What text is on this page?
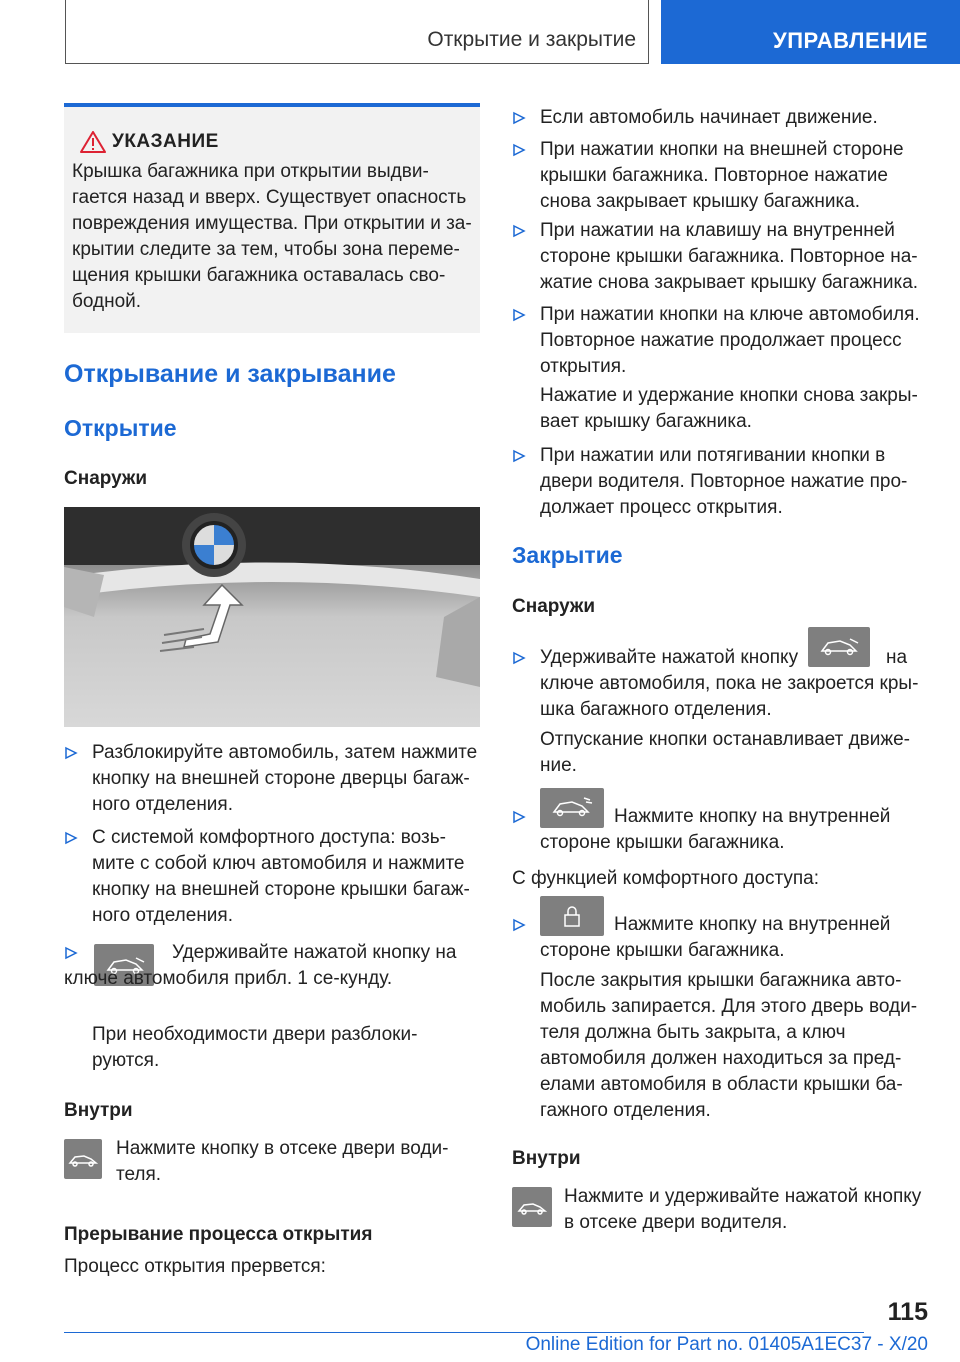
Открытие и закрытие	УПРАВЛЕНИЕ
УКАЗАНИЕ
Крышка багажника при открытии выдви-гается назад и вверх. Существует опасность повреждения имущества. При открытии и за-крытии следите за тем, чтобы зона переме-щения крышки багажника оставалась сво-бодной.
Открывание и закрывание
Открытие
Снаружи
Разблокируйте автомобиль, затем нажмите кнопку на внешней стороне дверцы багаж-ного отделения.
С системой комфортного доступа: возь-мите с собой ключ автомобиля и нажмите кнопку на внешней стороне крышки багаж-ного отделения.
Удерживайте нажатой кнопку на ключе автомобиля прибл. 1 се-кунду.
При необходимости двери разблоки-руются.
Внутри
Нажмите кнопку в отсеке двери води-теля.
Прерывание процесса открытия
Процесс открытия прервется:
Если автомобиль начинает движение.
При нажатии кнопки на внешней стороне крышки багажника. Повторное нажатие снова закрывает крышку багажника.
При нажатии на клавишу на внутренней стороне крышки багажника. Повторное на-жатие снова закрывает крышку багажника.
При нажатии кнопки на ключе автомобиля. Повторное нажатие продолжает процесс открытия.
Нажатие и удержание кнопки снова закры-вает крышку багажника.
При нажатии или потягивании кнопки в двери водителя. Повторное нажатие про-должает процесс открытия.
Закрытие
Снаружи
Удерживайте нажатой кнопку	на ключе автомобиля, пока не закроется кры-шка багажного отделения.
Отпускание кнопки останавливает движе-ние.
Нажмите кнопку на внутренней стороне крышки багажника.
С функцией комфортного доступа:
Нажмите кнопку на внутренней стороне крышки багажника.
После закрытия крышки багажника авто-мобиль запирается. Для этого дверь води-теля должна быть закрыта, а ключ автомобиля должен находиться за пред-елами автомобиля в области крышки ба-гажного отделения.
Внутри
Нажмите и удерживайте нажатой кнопку в отсеке двери водителя.
115
Online Edition for Part no. 01405A1EC37 - X/20
